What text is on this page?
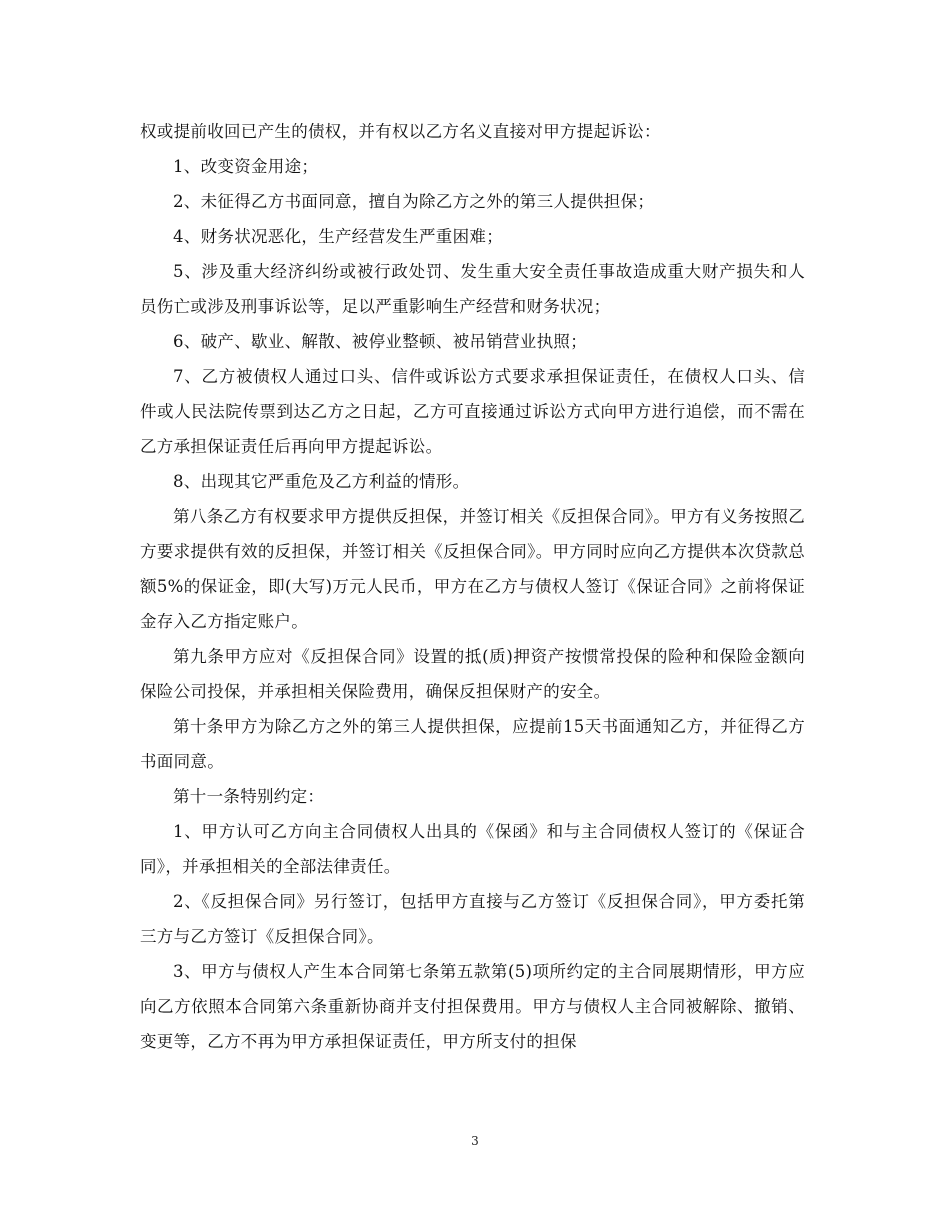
权或提前收回已产生的债权，并有权以乙方名义直接对甲方提起诉讼：

1、改变资金用途；

2、未征得乙方书面同意，擅自为除乙方之外的第三人提供担保；

4、财务状况恶化，生产经营发生严重困难；

5、涉及重大经济纠纷或被行政处罚、发生重大安全责任事故造成重大财产损失和人员伤亡或涉及刑事诉讼等，足以严重影响生产经营和财务状况；

6、破产、歇业、解散、被停业整顿、被吊销营业执照；

7、乙方被债权人通过口头、信件或诉讼方式要求承担保证责任，在债权人口头、信件或人民法院传票到达乙方之日起，乙方可直接通过诉讼方式向甲方进行追偿，而不需在乙方承担保证责任后再向甲方提起诉讼。

8、出现其它严重危及乙方利益的情形。

第八条乙方有权要求甲方提供反担保，并签订相关《反担保合同》。甲方有义务按照乙方要求提供有效的反担保，并签订相关《反担保合同》。甲方同时应向乙方提供本次贷款总额5%的保证金，即(大写)万元人民币，甲方在乙方与债权人签订《保证合同》之前将保证金存入乙方指定账户。

第九条甲方应对《反担保合同》设置的抵(质)押资产按惯常投保的险种和保险金额向保险公司投保，并承担相关保险费用，确保反担保财产的安全。

第十条甲方为除乙方之外的第三人提供担保，应提前15天书面通知乙方，并征得乙方书面同意。

第十一条特别约定：

1、甲方认可乙方向主合同债权人出具的《保函》和与主合同债权人签订的《保证合同》，并承担相关的全部法律责任。

2、《反担保合同》另行签订，包括甲方直接与乙方签订《反担保合同》，甲方委托第三方与乙方签订《反担保合同》。

3、甲方与债权人产生本合同第七条第五款第(5)项所约定的主合同展期情形，甲方应向乙方依照本合同第六条重新协商并支付担保费用。甲方与债权人主合同被解除、撤销、变更等，乙方不再为甲方承担保证责任，甲方所支付的担保

3
